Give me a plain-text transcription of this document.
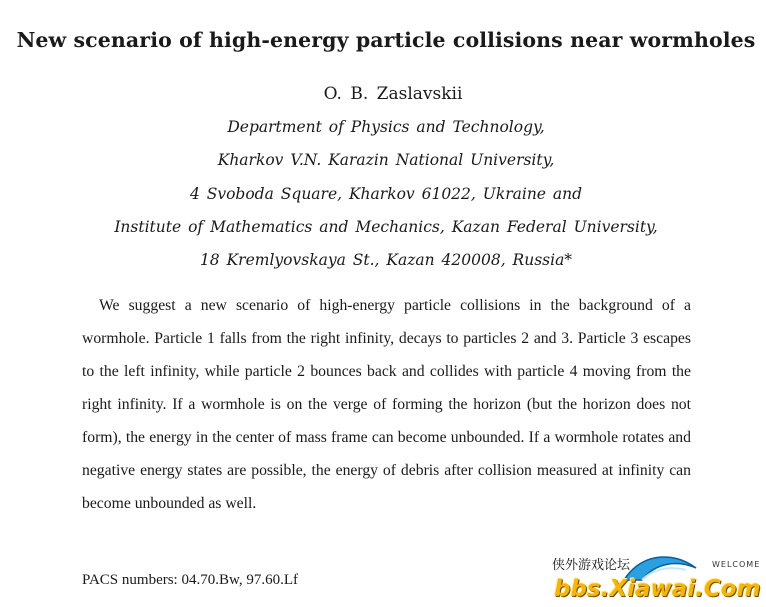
New scenario of high-energy particle collisions near wormholes
O. B. Zaslavskii
Department of Physics and Technology,
Kharkov V.N. Karazin National University,
4 Svoboda Square, Kharkov 61022, Ukraine and
Institute of Mathematics and Mechanics, Kazan Federal University,
18 Kremlyovskaya St., Kazan 420008, Russia*

We suggest a new scenario of high-energy particle collisions in the background of a wormhole. Particle 1 falls from the right infinity, decays to particles 2 and 3. Particle 3 escapes to the left infinity, while particle 2 bounces back and collides with particle 4 moving from the right infinity. If a wormhole is on the verge of forming the horizon (but the horizon does not form), the energy in the center of mass frame can become unbounded. If a wormhole rotates and negative energy states are possible, the energy of debris after collision measured at infinity can become unbounded as well.

PACS numbers: 04.70.Bw, 97.60.Lf
侠外游戏论坛	WELCOME
bbs.Xiawai.Com
